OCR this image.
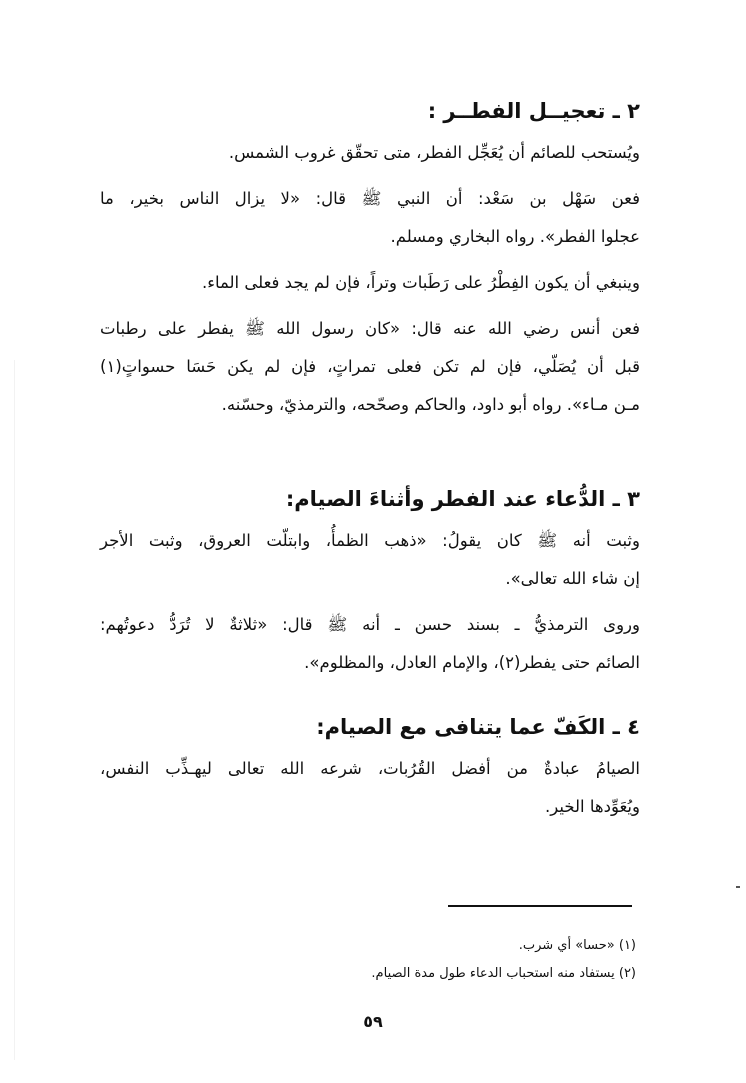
٢ ـ تعجيــل الفطــر :

ويُستحب للصائم أن يُعَجِّل الفطر، متى تحقّق غروب الشمس.

فعن سَهْل بن سَعْد: أن النبي ﷺ قال: «لا يزال الناس بخير، ما
عجلوا الفطر». رواه البخاري ومسلم.

وينبغي أن يكون الفِطْرُ على رَطَبات وتراً، فإن لم يجد فعلى الماء.

فعن أنس رضي الله عنه قال: «كان رسول الله ﷺ يفطر على رطبات
قبل أن يُصَلّي، فإن لم تكن فعلى تمراتٍ، فإن لم يكن حَسَا حسواتٍ(١)
مـن مـاء». رواه أبو داود، والحاكم وصحّحه، والترمذيّ، وحسّنه.

٣ ـ الدُّعاء عند الفطر وأثناءَ الصيام:

وثبت أنه ﷺ كان يقولُ: «ذهب الظمأُ، وابتلّت العروق، وثبت الأجر
إن شاء الله تعالى».

وروى الترمذيُّ ـ بسند حسن ـ أنه ﷺ قال: «ثلاثةٌ لا تُرَدُّ دعوتُهم:
الصائم حتى يفطر(٢)، والإمام العادل، والمظلوم».

٤ ـ الكَفّ عما يتنافى مع الصيام:

الصيامُ عبادةٌ من أفضل القُرُبات، شرعه الله تعالى ليهـذِّب النفس،
ويُعَوِّدها الخير.

(١) «حسا» أي شرب.

(٢) يستفاد منه استحباب الدعاء طول مدة الصيام.

٥٩
